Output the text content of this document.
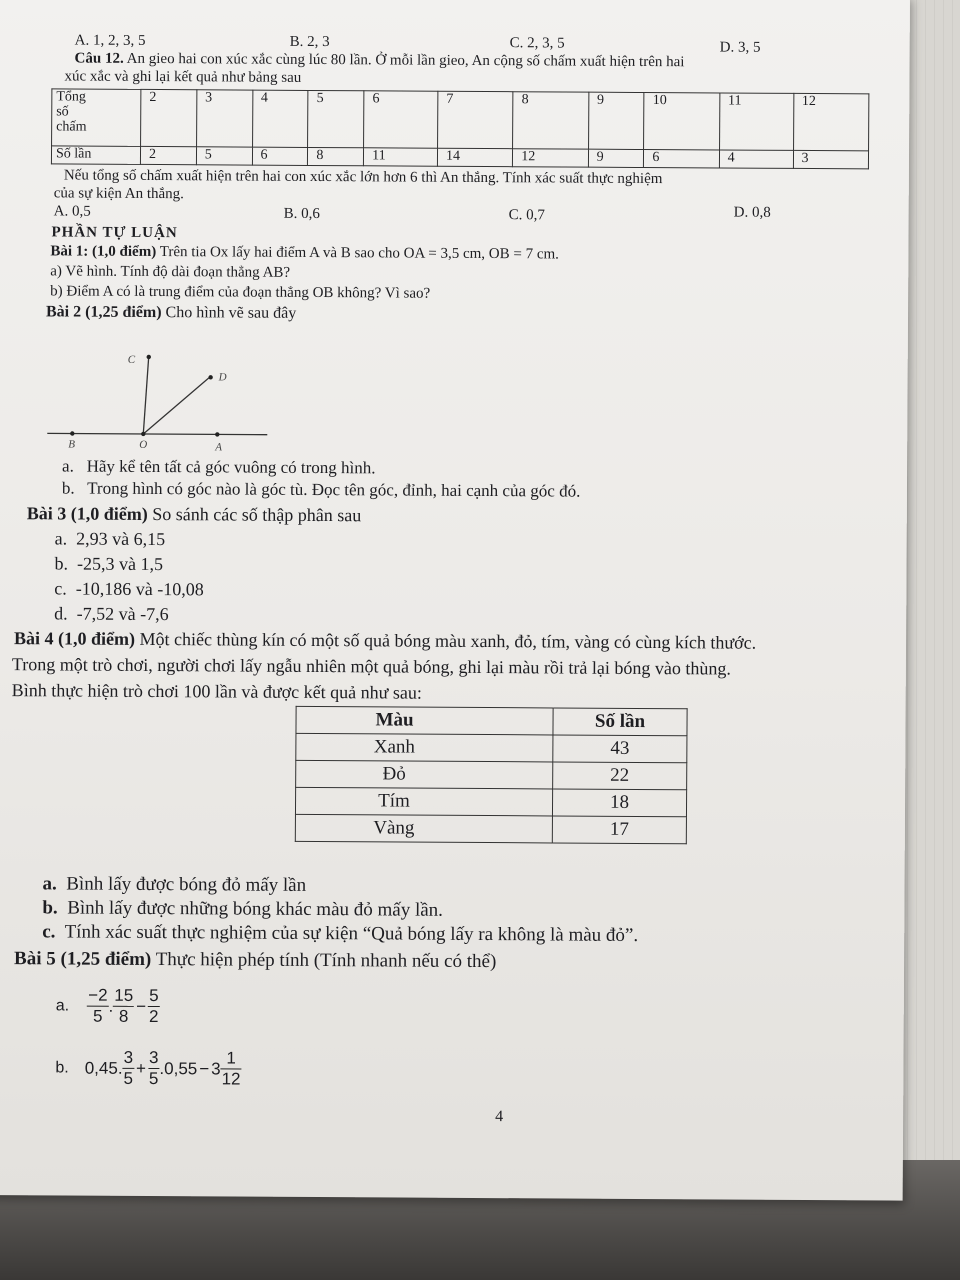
A. 1, 2, 3, 5	B. 2, 3	C. 2, 3, 5	D. 3, 5
Câu 12. An gieo hai con xúc xắc cùng lúc 80 lần. Ở mỗi lần gieo, An cộng số chấm xuất hiện trên hai
xúc xắc và ghi lại kết quả như bảng sau
Tổng
số
chấm	2	3	4	5	6	7	8	9	10	11	12
Số lần	2	5	6	8	11	14	12	9	6	4	3
Nếu tổng số chấm xuất hiện trên hai con xúc xắc lớn hơn 6 thì An thắng. Tính xác suất thực nghiệm
của sự kiện An thắng.
A. 0,5	B. 0,6	C. 0,7	D. 0,8
PHẦN TỰ LUẬN
Bài 1: (1,0 điểm) Trên tia Ox lấy hai điểm A và B sao cho OA = 3,5 cm, OB = 7 cm.
a) Vẽ hình. Tính độ dài đoạn thẳng AB?
b) Điểm A có là trung điểm của đoạn thẳng OB không? Vì sao?
Bài 2 (1,25 điểm) Cho hình vẽ sau đây
C
D
B	O	A
a. Hãy kể tên tất cả góc vuông có trong hình.
b. Trong hình có góc nào là góc tù. Đọc tên góc, đỉnh, hai cạnh của góc đó.
Bài 3 (1,0 điểm) So sánh các số thập phân sau
a.  2,93 và 6,15
b.  -25,3 và 1,5
c.  -10,186 và -10,08
d.  -7,52 và -7,6
Bài 4 (1,0 điểm) Một chiếc thùng kín có một số quả bóng màu xanh, đỏ, tím, vàng có cùng kích thước.
Trong một trò chơi, người chơi lấy ngẫu nhiên một quả bóng, ghi lại màu rồi trả lại bóng vào thùng.
Bình thực hiện trò chơi 100 lần và được kết quả như sau:
Màu	Số lần
Xanh	43
Đỏ	22
Tím	18
Vàng	17
a. Bình lấy được bóng đỏ mấy lần
b. Bình lấy được những bóng khác màu đỏ mấy lần.
c. Tính xác suất thực nghiệm của sự kiện “Quả bóng lấy ra không là màu đỏ”.
Bài 5 (1,25 điểm) Thực hiện phép tính (Tính nhanh nếu có thể)
a. $\frac{-2}{5}$ . $\frac{15}{8} - \frac{5}{2}$
b. 0,45. $\frac{3}{5} + \frac{3}{5} .0,55 - 3 \frac{1}{12}$
4
